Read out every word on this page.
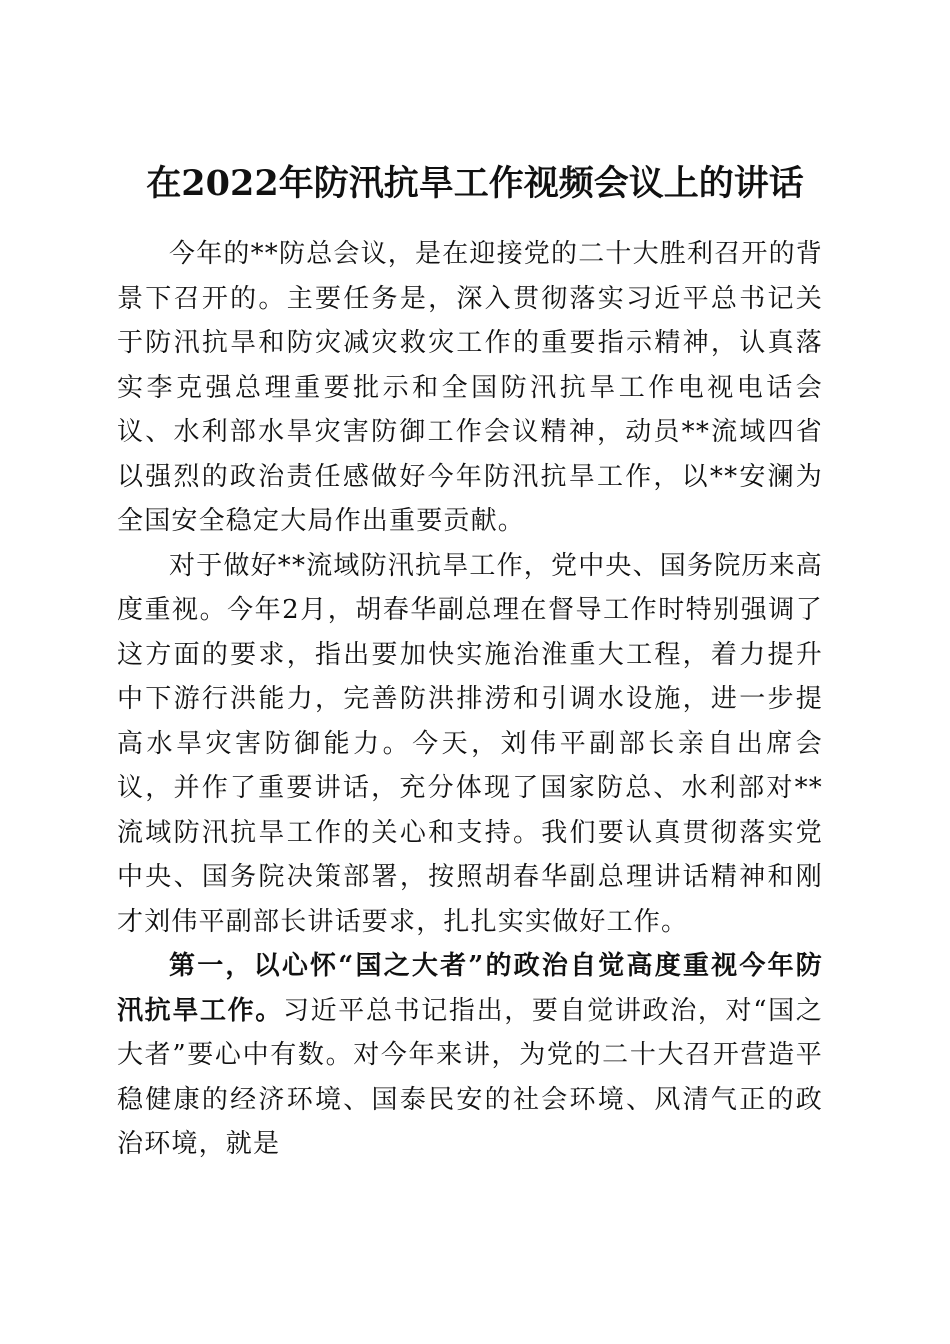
在2022年防汛抗旱工作视频会议上的讲话

今年的**防总会议，是在迎接党的二十大胜利召开的背景下召开的。主要任务是，深入贯彻落实习近平总书记关于防汛抗旱和防灾减灾救灾工作的重要指示精神，认真落实李克强总理重要批示和全国防汛抗旱工作电视电话会议、水利部水旱灾害防御工作会议精神，动员**流域四省以强烈的政治责任感做好今年防汛抗旱工作，以**安澜为全国安全稳定大局作出重要贡献。

对于做好**流域防汛抗旱工作，党中央、国务院历来高度重视。今年2月，胡春华副总理在督导工作时特别强调了这方面的要求，指出要加快实施治淮重大工程，着力提升中下游行洪能力，完善防洪排涝和引调水设施，进一步提高水旱灾害防御能力。今天，刘伟平副部长亲自出席会议，并作了重要讲话，充分体现了国家防总、水利部对**流域防汛抗旱工作的关心和支持。我们要认真贯彻落实党中央、国务院决策部署，按照胡春华副总理讲话精神和刚才刘伟平副部长讲话要求，扎扎实实做好工作。

第一，以心怀“国之大者”的政治自觉高度重视今年防汛抗旱工作。习近平总书记指出，要自觉讲政治，对“国之大者”要心中有数。对今年来讲，为党的二十大召开营造平稳健康的经济环境、国泰民安的社会环境、风清气正的政治环境，就是
